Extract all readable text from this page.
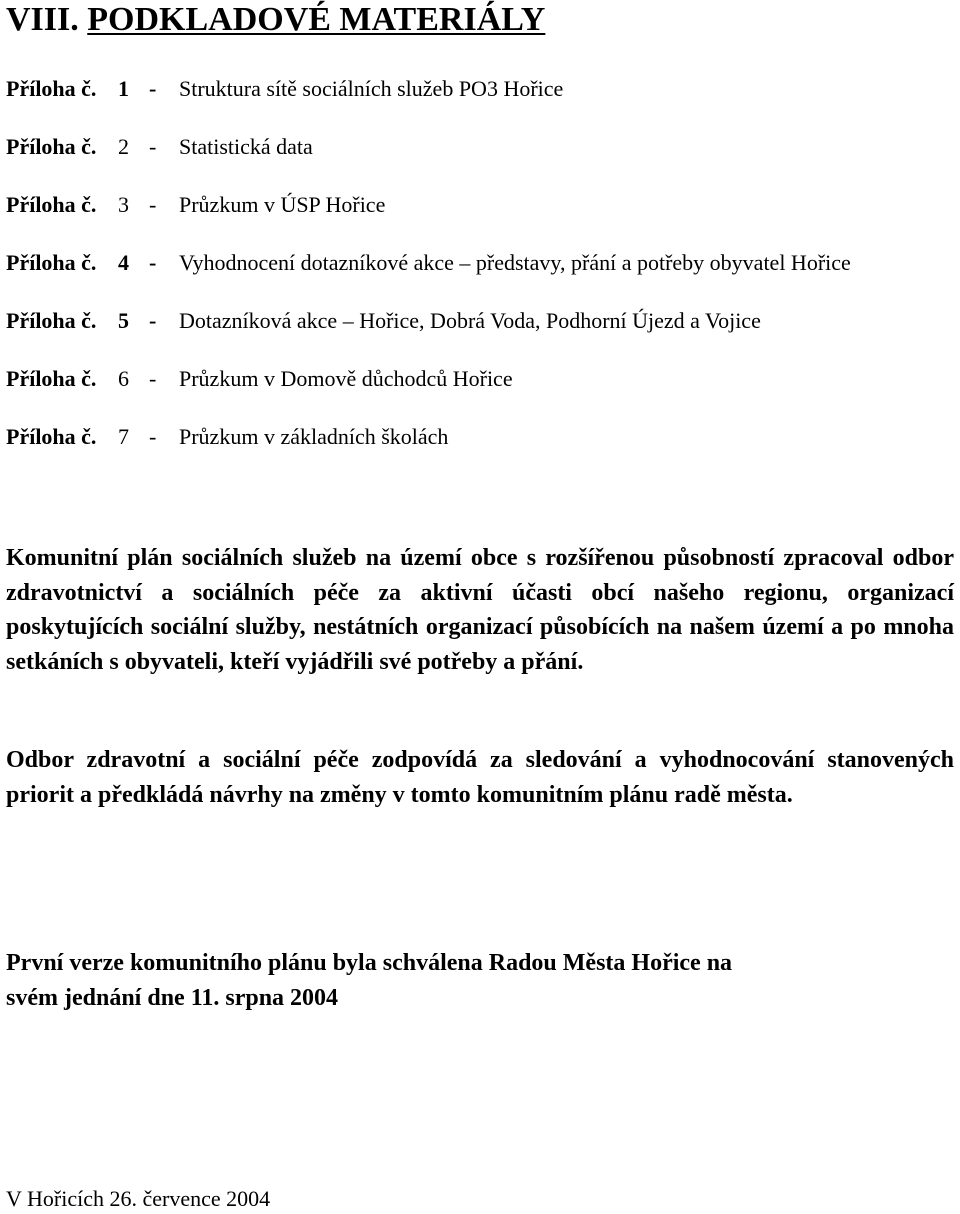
VIII. PODKLADOVÉ MATERIÁLY
Příloha č. 1 - Struktura sítě sociálních služeb PO3 Hořice
Příloha č. 2 - Statistická data
Příloha č. 3 - Průzkum v ÚSP Hořice
Příloha č. 4 - Vyhodnocení dotazníkové akce – představy, přání a potřeby obyvatel Hořice
Příloha č. 5 - Dotazníková akce – Hořice, Dobrá Voda, Podhorní Újezd a Vojice
Příloha č. 6 - Průzkum v Domově důchodců Hořice
Příloha č. 7 - Průzkum v základních školách

Komunitní plán sociálních služeb na území obce s rozšířenou působností zpracoval odbor zdravotnictví a sociálních péče za aktivní účasti obcí našeho regionu, organizací poskytujících sociální služby, nestátních organizací působících na našem území a po mnoha setkáních s obyvateli, kteří vyjádřili své potřeby a přání.

Odbor zdravotní a sociální péče zodpovídá za sledování a vyhodnocování stanovených priorit a předkládá návrhy na změny v tomto komunitním plánu radě města.

První verze komunitního plánu byla schválena Radou Města Hořice na
svém jednání dne 11. srpna 2004

V Hořicích 26. července 2004
